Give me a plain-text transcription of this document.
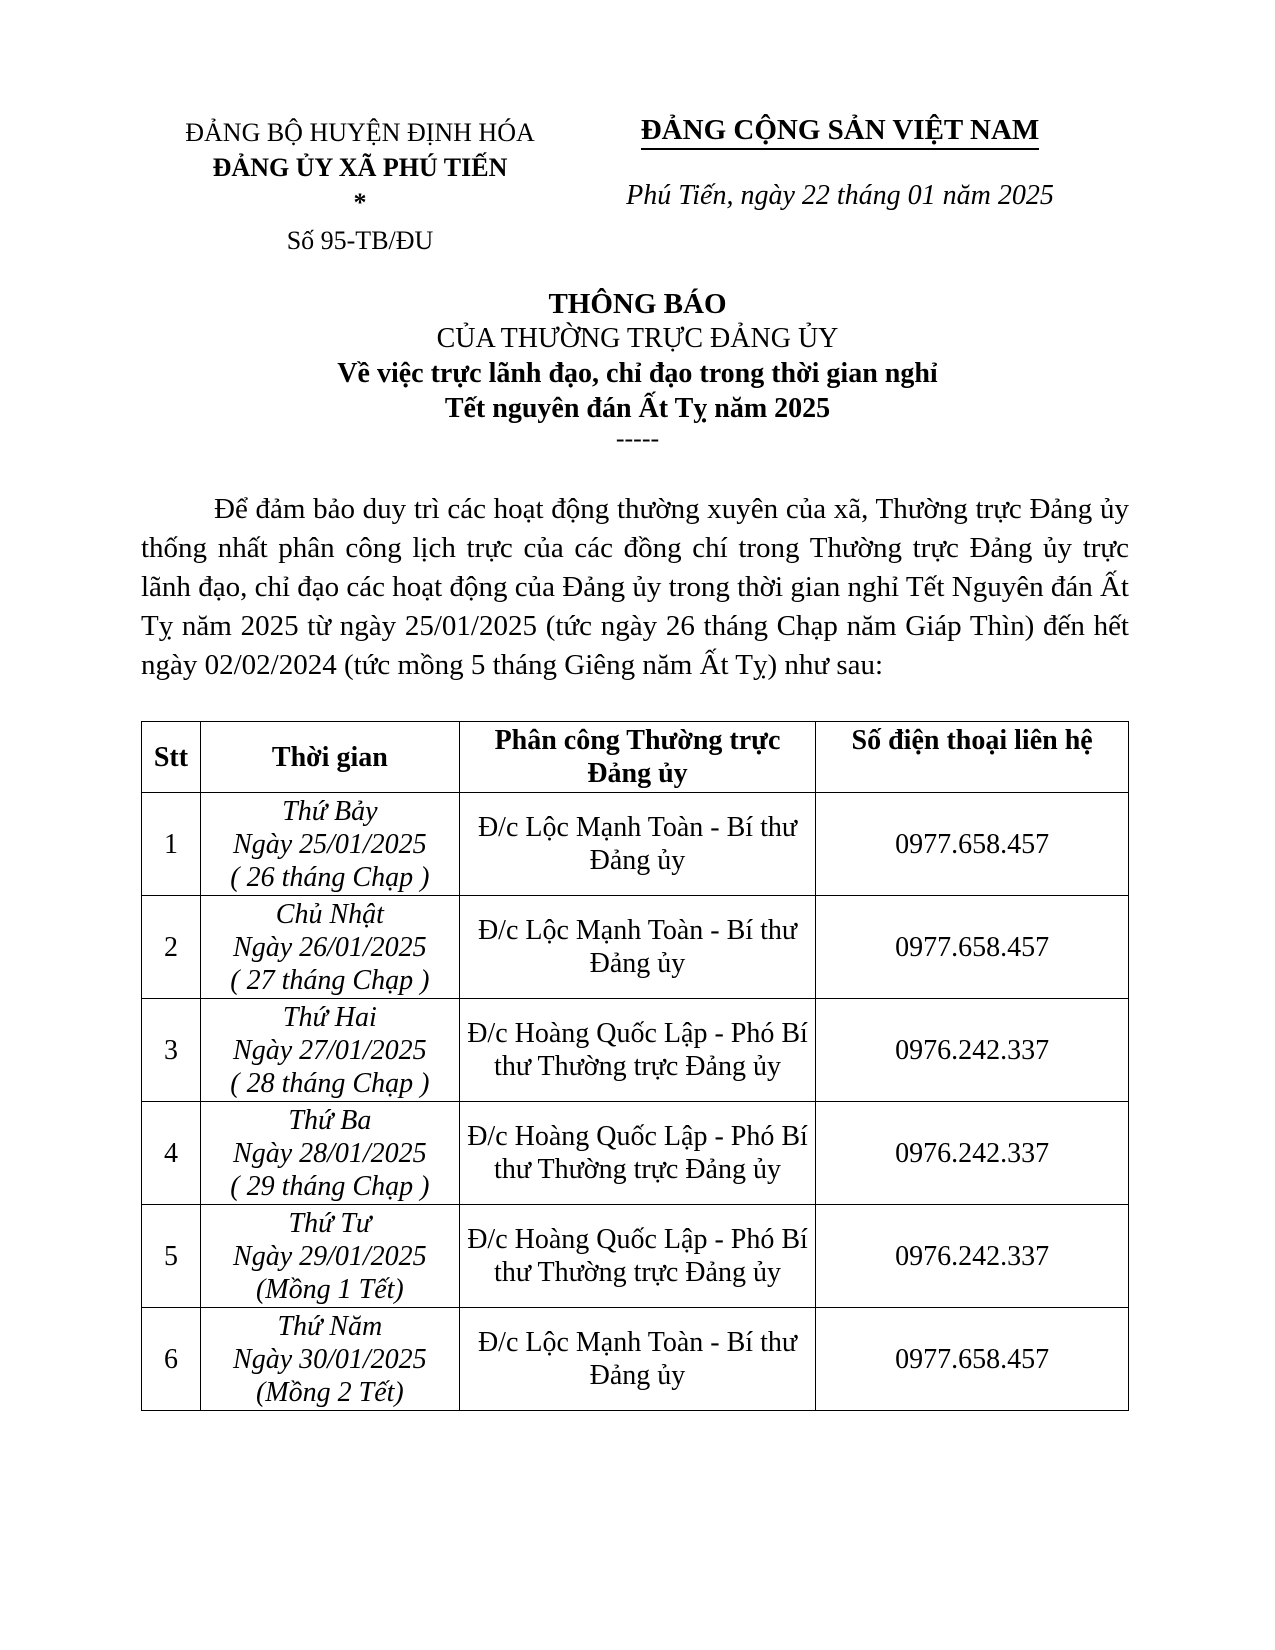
ĐẢNG BỘ HUYỆN ĐỊNH HÓA
ĐẢNG ỦY XÃ PHÚ TIẾN
*
Số 95-TB/ĐU
ĐẢNG CỘNG SẢN VIỆT NAM
Phú Tiến, ngày 22 tháng 01 năm 2025
THÔNG BÁO
CỦA THƯỜNG TRỰC ĐẢNG ỦY
Về việc trực lãnh đạo, chỉ đạo trong thời gian nghỉ
Tết nguyên đán Ất Tỵ năm 2025
-----
Để đảm bảo duy trì các hoạt động thường xuyên của xã, Thường trực Đảng ủy thống nhất phân công lịch trực của các đồng chí trong Thường trực Đảng ủy trực lãnh đạo, chỉ đạo các hoạt động của Đảng ủy trong thời gian nghỉ Tết Nguyên đán Ất Tỵ năm 2025 từ ngày 25/01/2025 (tức ngày 26 tháng Chạp năm Giáp Thìn) đến hết ngày 02/02/2024 (tức mồng 5 tháng Giêng năm Ất Tỵ) như sau:
Stt	Thời gian	Phân công Thường trực Đảng ủy	Số điện thoại liên hệ
1	Thứ Bảy
Ngày 25/01/2025
( 26 tháng Chạp )	Đ/c Lộc Mạnh Toàn - Bí thư Đảng ủy	0977.658.457
2	Chủ Nhật
Ngày 26/01/2025
( 27 tháng Chạp )	Đ/c Lộc Mạnh Toàn - Bí thư Đảng ủy	0977.658.457
3	Thứ Hai
Ngày 27/01/2025
( 28 tháng Chạp )	Đ/c Hoàng Quốc Lập - Phó Bí thư Thường trực Đảng ủy	0976.242.337
4	Thứ Ba
Ngày 28/01/2025
( 29 tháng Chạp )	Đ/c Hoàng Quốc Lập - Phó Bí thư Thường trực Đảng ủy	0976.242.337
5	Thứ Tư
Ngày 29/01/2025
(Mồng 1 Tết)	Đ/c Hoàng Quốc Lập - Phó Bí thư Thường trực Đảng ủy	0976.242.337
6	Thứ Năm
Ngày 30/01/2025
(Mồng 2 Tết)	Đ/c Lộc Mạnh Toàn - Bí thư Đảng ủy	0977.658.457
